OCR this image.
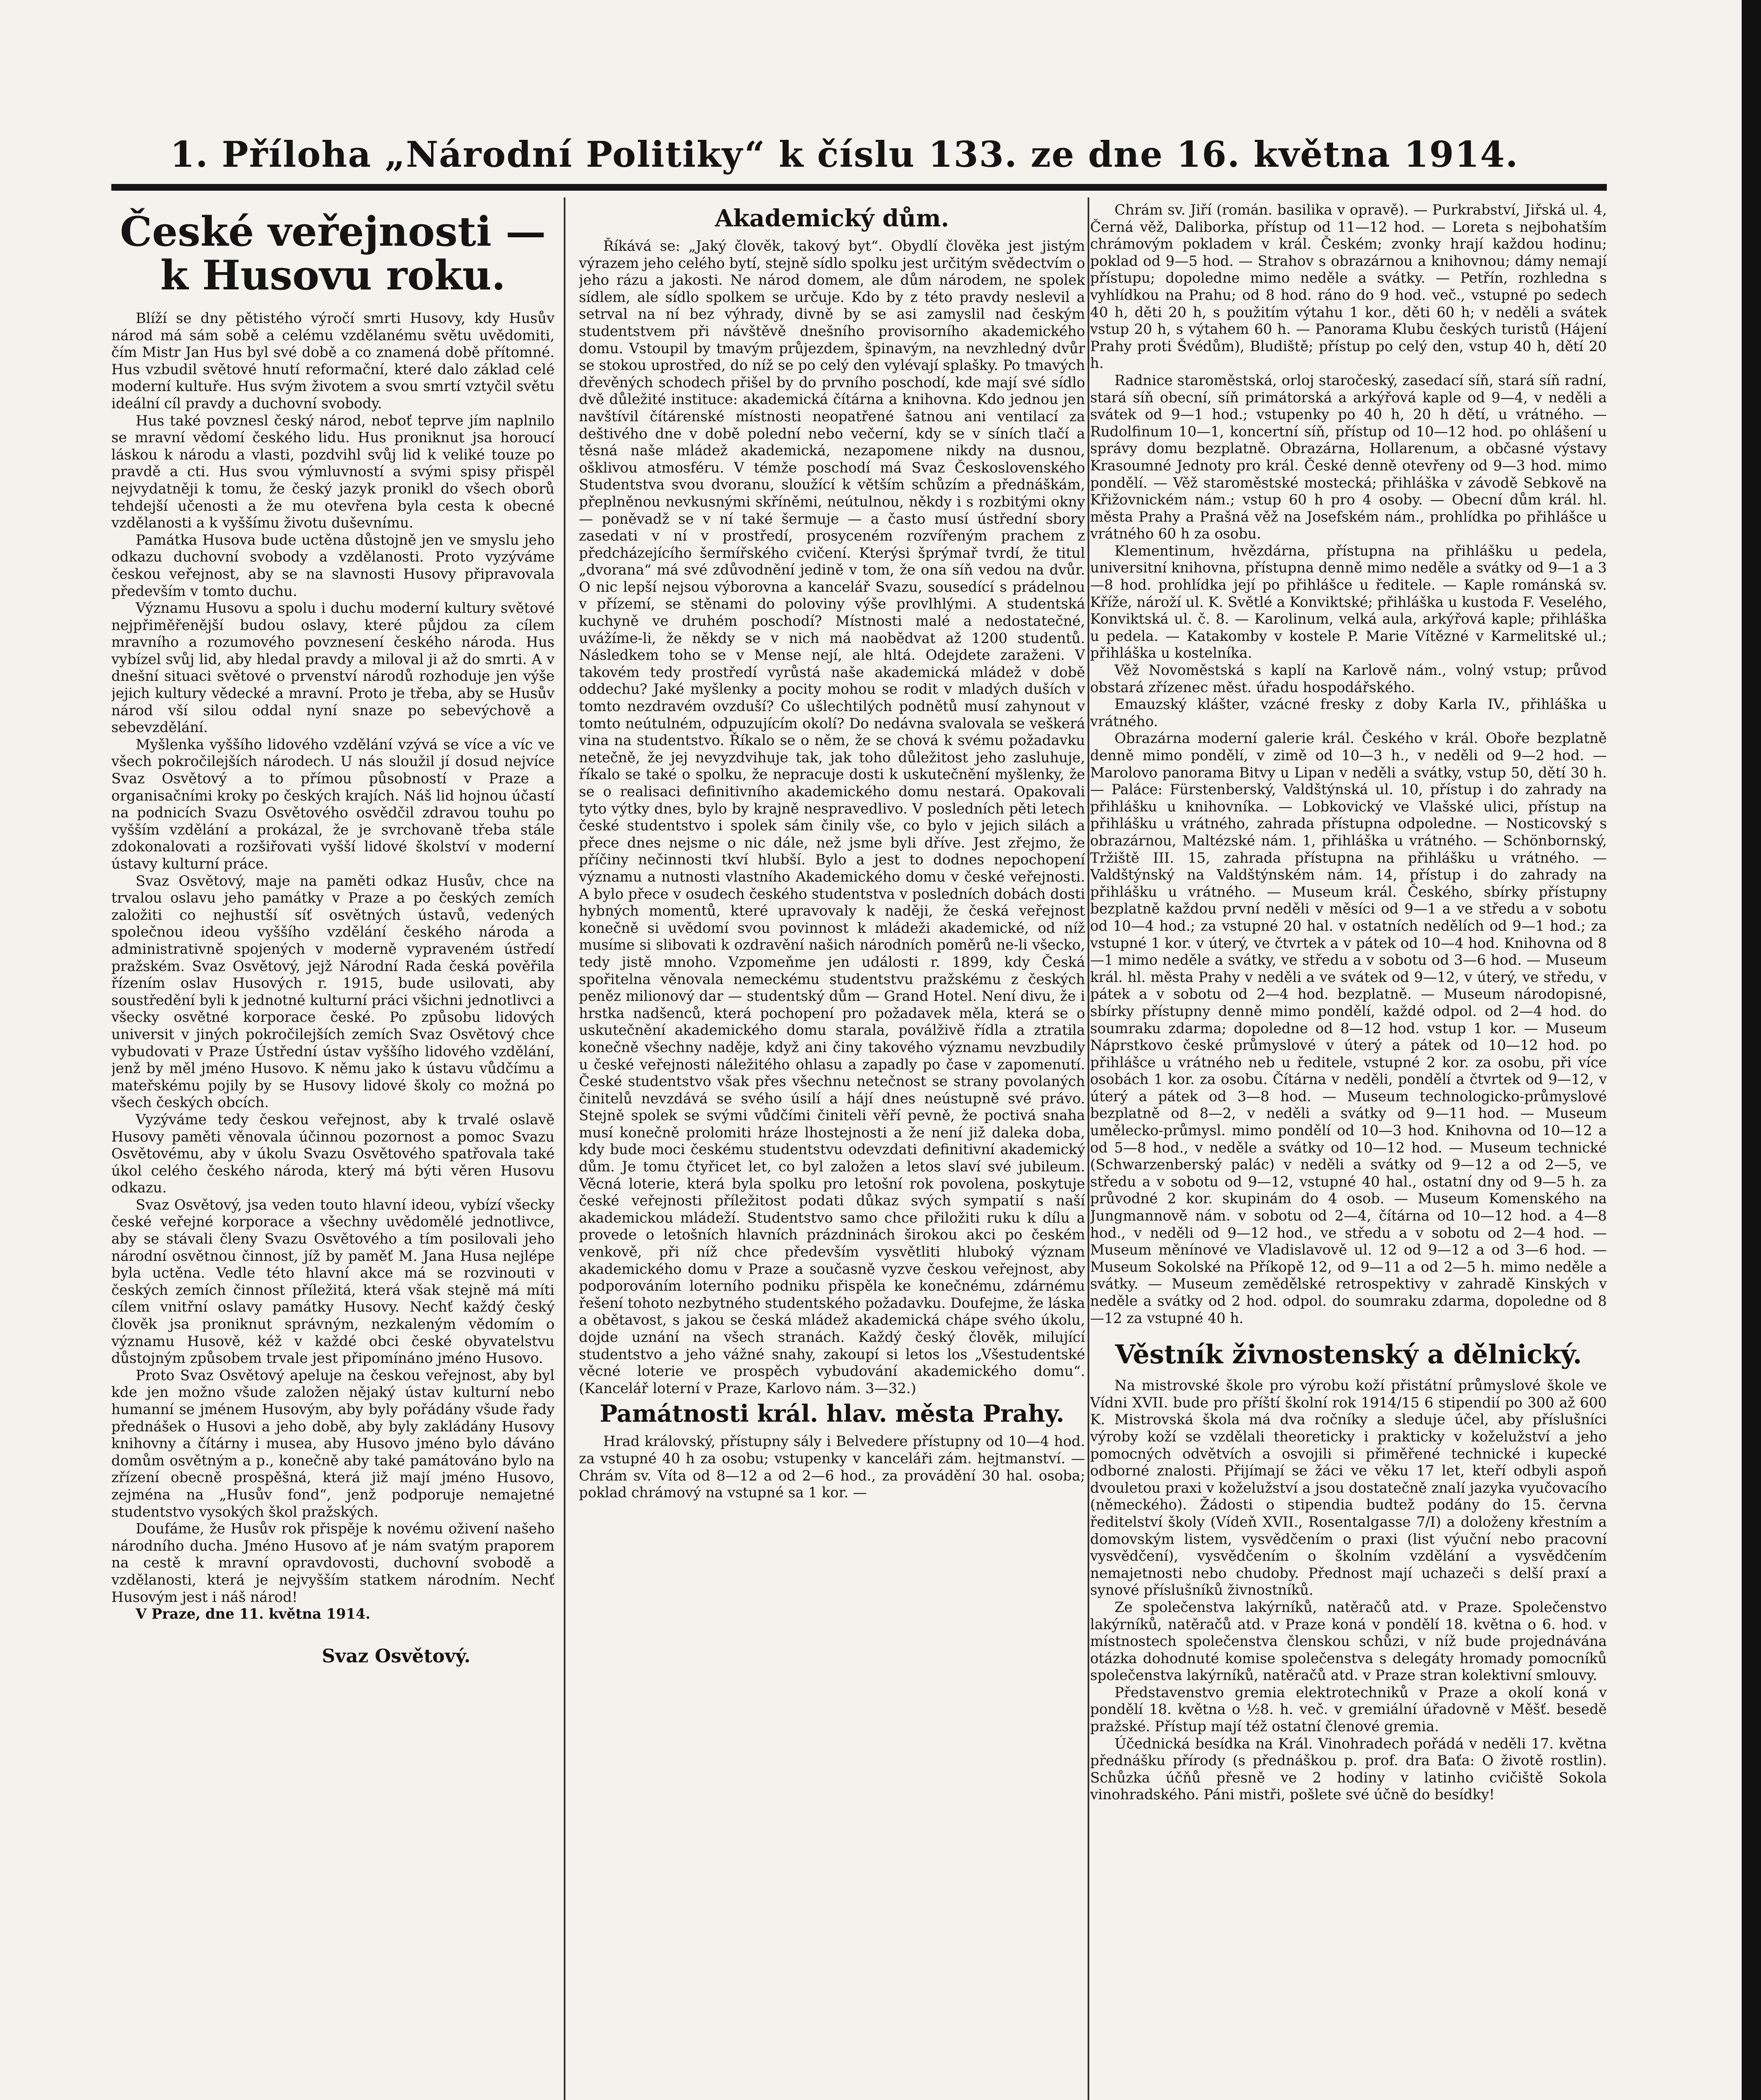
1. Příloha „Národní Politiky“ k číslu 133. ze dne 16. května 1914.
České veřejnosti — k Husovu roku.

Blíží se dny pětistého výročí smrti Husovy, kdy Husův národ má sám sobě a celému vzdělanému světu uvědomiti, čím Mistr Jan Hus byl své době a co znamená době přítomné. Hus vzbudil světové hnutí reformační, které dalo základ celé moderní kultuře. Hus svým životem a svou smrtí vztyčil světu ideální cíl pravdy a duchovní svobody.

Hus také povznesl český národ, neboť teprve jím naplnilo se mravní vědomí českého lidu. Hus proniknut jsa horoucí láskou k národu a vlasti, pozdvihl svůj lid k veliké touze po pravdě a cti. Hus svou výmluvností a svými spisy přispěl nejvydatněji k tomu, že český jazyk pronikl do všech oborů tehdejší učenosti a že mu otevřena byla cesta k obecné vzdělanosti a k vyššímu životu duševnímu.

Památka Husova bude uctěna důstojně jen ve smyslu jeho odkazu duchovní svobody a vzdělanosti. Proto vyzýváme českou veřejnost, aby se na slavnosti Husovy připravovala především v tomto duchu.

Významu Husovu a spolu i duchu moderní kultury světové nejpřiměřenější budou oslavy, které půjdou za cílem mravního a rozumového povznesení českého národa. Hus vybízel svůj lid, aby hledal pravdy a miloval ji až do smrti. A v dnešní situaci světové o prvenství národů rozhoduje jen výše jejich kultury vědecké a mravní. Proto je třeba, aby se Husův národ vší silou oddal nyní snaze po sebevýchově a sebevzdělání.

Myšlenka vyššího lidového vzdělání vzývá se více a víc ve všech pokročilejších národech. U nás sloužil jí dosud nejvíce Svaz Osvětový a to přímou působností v Praze a organisačními kroky po českých krajích. Náš lid hojnou účastí na podnicích Svazu Osvětového osvědčil zdravou touhu po vyšším vzdělání a prokázal, že je svrchovaně třeba stále zdokonalovati a rozšiřovati vyšší lidové školství v moderní ústavy kulturní práce.

Svaz Osvětový, maje na paměti odkaz Husův, chce na trvalou oslavu jeho památky v Praze a po českých zemích založiti co nejhustší síť osvětných ústavů, vedených společnou ideou vyššího vzdělání českého národa a administrativně spojených v moderně vypraveném ústředí pražském. Svaz Osvětový, jejž Národní Rada česká pověřila řízením oslav Husových r. 1915, bude usilovati, aby soustředění byli k jednotné kulturní práci všichni jednotlivci a všecky osvětné korporace české. Po způsobu lidových universit v jiných pokročilejších zemích Svaz Osvětový chce vybudovati v Praze Ústřední ústav vyššího lidového vzdělání, jenž by měl jméno Husovo. K němu jako k ústavu vůdčímu a mateřskému pojily by se Husovy lidové školy co možná po všech českých obcích.

Vyzýváme tedy českou veřejnost, aby k trvalé oslavě Husovy paměti věnovala účinnou pozornost a pomoc Svazu Osvětovému, aby v úkolu Svazu Osvětového spatřovala také úkol celého českého národa, který má býti věren Husovu odkazu.

Svaz Osvětový, jsa veden touto hlavní ideou, vybízí všecky české veřejné korporace a všechny uvědomělé jednotlivce, aby se stávali členy Svazu Osvětového a tím posilovali jeho národní osvětnou činnost, jíž by paměť M. Jana Husa nejlépe byla uctěna. Vedle této hlavní akce má se rozvinouti v českých zemích činnost příležitá, která však stejně má míti cílem vnitřní oslavy památky Husovy. Nechť každý český člověk jsa proniknut správným, nezkaleným vědomím o významu Husově, kéž v každé obci české obyvatelstvu důstojným způsobem trvale jest připomínáno jméno Husovo.

Proto Svaz Osvětový apeluje na českou veřejnost, aby byl kde jen možno všude založen nějaký ústav kulturní nebo humanní se jménem Husovým, aby byly pořádány všude řady přednášek o Husovi a jeho době, aby byly zakládány Husovy knihovny a čítárny i musea, aby Husovo jméno bylo dáváno domům osvětným a p., konečně aby také památováno bylo na zřízení obecně prospěšná, která již mají jméno Husovo, zejména na „Husův fond“, jenž podporuje nemajetné studentstvo vysokých škol pražských.

Doufáme, že Husův rok přispěje k novému oživení našeho národního ducha. Jméno Husovo ať je nám svatým praporem na cestě k mravní opravdovosti, duchovní svobodě a vzdělanosti, která je nejvyšším statkem národním. Nechť Husovým jest i náš národ!

V Praze, dne 11. května 1914.

Svaz Osvětový.
Akademický dům.

Říkává se: „Jaký člověk, takový byt“. Obydlí člověka jest jistým výrazem jeho celého bytí, stejně sídlo spolku jest určitým svědectvím o jeho rázu a jakosti. Ne národ domem, ale dům národem, ne spolek sídlem, ale sídlo spolkem se určuje. Kdo by z této pravdy neslevil a setrval na ní bez výhrady, divně by se asi zamyslil nad českým studentstvem při návštěvě dnešního provisorního akademického domu. Vstoupil by tmavým průjezdem, špinavým, na nevzhledný dvůr se stokou uprostřed, do níž se po celý den vylévají splašky. Po tmavých dřevěných schodech přišel by do prvního poschodí, kde mají své sídlo dvě důležité instituce: akademická čítárna a knihovna. Kdo jednou jen navštívil čítárenské místnosti neopatřené šatnou ani ventilací za deštivého dne v době polední nebo večerní, kdy se v síních tlačí a těsná naše mládež akademická, nezapomene nikdy na dusnou, ošklivou atmosféru. V témže poschodí má Svaz Československého Studentstva svou dvoranu, sloužící k větším schůzím a přednáškám, přeplněnou nevkusnými skříněmi, neútulnou, někdy i s rozbitými okny — poněvadž se v ní také šermuje — a často musí ústřední sbory zasedati v ní v prostředí, prosyceném rozvířeným prachem z předcházejícího šermířského cvičení. Kterýsi šprýmař tvrdí, že titul „dvorana“ má své zdůvodnění jedině v tom, že ona síň vedou na dvůr. O nic lepší nejsou výborovna a kancelář Svazu, sousedící s prádelnou v přízemí, se stěnami do poloviny výše provlhlými. A studentská kuchyně ve druhém poschodí? Místnosti malé a nedostatečné, uvážíme-li, že někdy se v nich má naobědvat až 1200 studentů. Následkem toho se v Mense nejí, ale hltá. Odejdete zaraženi. V takovém tedy prostředí vyrůstá naše akademická mládež v době oddechu? Jaké myšlenky a pocity mohou se rodit v mladých duších v tomto nezdravém ovzduší? Co ušlechtilých podnětů musí zahynout v tomto neútulném, odpuzujícím okolí? Do nedávna svalovala se veškerá vina na studentstvo. Říkalo se o něm, že se chová k svému požadavku netečně, že jej nevyzdvihuje tak, jak toho důležitost jeho zasluhuje, říkalo se také o spolku, že nepracuje dosti k uskutečnění myšlenky, že se o realisaci definitivního akademického domu nestará. Opakovali tyto výtky dnes, bylo by krajně nespravedlivo. V posledních pěti letech české studentstvo i spolek sám činily vše, co bylo v jejich silách a přece dnes nejsme o nic dále, než jsme byli dříve. Jest zřejmo, že příčiny nečinnosti tkví hlubší. Bylo a jest to dodnes nepochopení významu a nutnosti vlastního Akademického domu v české veřejnosti. A bylo přece v osudech českého studentstva v posledních dobách dosti hybných momentů, které upravovaly k naději, že česká veřejnost konečně si uvědomí svou povinnost k mládeži akademické, od níž musíme si slibovati k ozdravění našich národních poměrů ne-li všecko, tedy jistě mnoho. Vzpomeňme jen události r. 1899, kdy Česká spořitelna věnovala nemeckému studentstvu pražskému z českých peněz milionový dar — studentský dům — Grand Hotel. Není divu, že i hrstka nadšenců, která pochopení pro požadavek měla, která se o uskutečnění akademického domu starala, poválživě řídla a ztratila konečně všechny naděje, když ani činy takového významu nevzbudily u české veřejnosti náležitého ohlasu a zapadly po čase v zapomenutí. České studentstvo však přes všechnu netečnost se strany povolaných činitelů nevzdává se svého úsilí a hájí dnes neústupně své právo. Stejně spolek se svými vůdčími činiteli věří pevně, že poctivá snaha musí konečně prolomiti hráze lhostejnosti a že není již daleka doba, kdy bude moci českému studentstvu odevzdati definitivní akademický dům. Je tomu čtyřicet let, co byl založen a letos slaví své jubileum. Věcná loterie, která byla spolku pro letošní rok povolena, poskytuje české veřejnosti příležitost podati důkaz svých sympatií s naší akademickou mládeží. Studentstvo samo chce přiložiti ruku k dílu a provede o letošních hlavních prázdninách širokou akci po českém venkově, při níž chce především vysvětliti hluboký význam akademického domu v Praze a současně vyzve českou veřejnost, aby podporováním loterního podniku přispěla ke konečnému, zdárnému řešení tohoto nezbytného studentského požadavku. Doufejme, že láska a obětavost, s jakou se česká mládež akademická chápe svého úkolu, dojde uznání na všech stranách. Každý český člověk, milující studentstvo a jeho vážné snahy, zakoupí si letos los „Všestudentské věcné loterie ve prospěch vybudování akademického domu“. (Kancelář loterní v Praze, Karlovo nám. 3—32.)

Památnosti král. hlav. města Prahy.

Hrad královský, přístupny sály i Belvedere přístupny od 10—4 hod. za vstupné 40 h za osobu; vstupenky v kanceláři zám. hejtmanství. — Chrám sv. Víta od 8—12 a od 2—6 hod., za provádění 30 hal. osoba; poklad chrámový na vstupné sa 1 kor. —

Chrám sv. Jiří (román. basilika v opravě). — Purkrabství, Jiřská ul. 4, Černá věž, Daliborka, přístup od 11—12 hod. — Loreta s nejbohatším chrámovým pokladem v král. Českém; zvonky hrají každou hodinu; poklad od 9—5 hod. — Strahov s obrazárnou a knihovnou; dámy nemají přístupu; dopoledne mimo neděle a svátky. — Petřín, rozhledna s vyhlídkou na Prahu; od 8 hod. ráno do 9 hod. več., vstupné po sedech 40 h, děti 20 h, s použitím výtahu 1 kor., děti 60 h; v neděli a svátek vstup 20 h, s výtahem 60 h. — Panorama Klubu českých turistů (Hájení Prahy proti Švédům), Bludiště; přístup po celý den, vstup 40 h, dětí 20 h.

Radnice staroměstská, orloj staročeský, zasedací síň, stará síň radní, stará síň obecní, síň primátorská a arkýřová kaple od 9—4, v neděli a svátek od 9—1 hod.; vstupenky po 40 h, 20 h dětí, u vrátného. — Rudolfinum 10—1, koncertní síň, přístup od 10—12 hod. po ohlášení u správy domu bezplatně. Obrazárna, Hollarenum, a občasné výstavy Krasoumné Jednoty pro král. České denně otevřeny od 9—3 hod. mimo pondělí. — Věž staroměstské mostecká; přihláška v závodě Sebkově na Křižovnickém nám.; vstup 60 h pro 4 osoby. — Obecní dům král. hl. města Prahy a Prašná věž na Josefském nám., prohlídka po přihlášce u vrátného 60 h za osobu.

Klementinum, hvězdárna, přístupna na přihlášku u pedela, universitní knihovna, přístupna denně mimo neděle a svátky od 9—1 a 3—8 hod. prohlídka její po přihlášce u ředitele. — Kaple románská sv. Kříže, nároží ul. K. Světlé a Konviktské; přihláška u kustoda F. Veselého, Konviktská ul. č. 8. — Karolinum, velká aula, arkýřová kaple; přihláška u pedela. — Katakomby v kostele P. Marie Vítězné v Karmelitské ul.; přihláška u kostelníka.

Věž Novoměstská s kaplí na Karlově nám., volný vstup; průvod obstará zřízenec měst. úřadu hospodářského.

Emauzský klášter, vzácné fresky z doby Karla IV., přihláška u vrátného.

Obrazárna moderní galerie král. Českého v král. Oboře bezplatně denně mimo pondělí, v zimě od 10—3 h., v neděli od 9—2 hod. — Marolovo panorama Bitvy u Lipan v neděli a svátky, vstup 50, dětí 30 h. — Paláce: Fürstenberský, Valdštýnská ul. 10, přístup i do zahrady na přihlášku u knihovníka. — Lobkovický ve Vlašské ulici, přístup na přihlášku u vrátného, zahrada přístupna odpoledne. — Nosticovský s obrazárnou, Maltézské nám. 1, přihláška u vrátného. — Schönbornský, Tržiště III. 15, zahrada přístupna na přihlášku u vrátného. — Valdštýnský na Valdštýnském nám. 14, přístup i do zahrady na přihlášku u vrátného. — Museum král. Českého, sbírky přístupny bezplatně každou první neděli v měsíci od 9—1 a ve středu a v sobotu od 10—4 hod.; za vstupné 20 hal. v ostatních nedělích od 9—1 hod.; za vstupné 1 kor. v úterý, ve čtvrtek a v pátek od 10—4 hod. Knihovna od 8—1 mimo neděle a svátky, ve středu a v sobotu od 3—6 hod. — Museum král. hl. města Prahy v neděli a ve svátek od 9—12, v úterý, ve středu, v pátek a v sobotu od 2—4 hod. bezplatně. — Museum národopisné, sbírky přístupny denně mimo pondělí, každé odpol. od 2—4 hod. do soumraku zdarma; dopoledne od 8—12 hod. vstup 1 kor. — Museum Náprstkovo české průmyslové v úterý a pátek od 10—12 hod. po přihlášce u vrátného neb u ředitele, vstupné 2 kor. za osobu, při více osobách 1 kor. za osobu. Čítárna v neděli, pondělí a čtvrtek od 9—12, v úterý a pátek od 3—8 hod. — Museum technologicko-průmyslové bezplatně od 8—2, v neděli a svátky od 9—11 hod. — Museum umělecko-průmysl. mimo pondělí od 10—3 hod. Knihovna od 10—12 a od 5—8 hod., v neděle a svátky od 10—12 hod. — Museum technické (Schwarzenberský palác) v neděli a svátky od 9—12 a od 2—5, ve středu a v sobotu od 9—12, vstupné 40 hal., ostatní dny od 9—5 h. za průvodné 2 kor. skupinám do 4 osob. — Museum Komenského na Jungmannově nám. v sobotu od 2—4, čítárna od 10—12 hod. a 4—8 hod., v neděli od 9—12 hod., ve středu a v sobotu od 2—4 hod. — Museum měnínové ve Vladislavově ul. 12 od 9—12 a od 3—6 hod. — Museum Sokolské na Příkopě 12, od 9—11 a od 2—5 h. mimo neděle a svátky. — Museum zemědělské retrospektivy v zahradě Kinských v neděle a svátky od 2 hod. odpol. do soumraku zdarma, dopoledne od 8—12 za vstupné 40 h.

Věstník živnostenský a dělnický.

Na mistrovské škole pro výrobu koží přistátní průmyslové škole ve Vídni XVII. bude pro příští školní rok 1914/15 6 stipendií po 300 až 600 K. Mistrovská škola má dva ročníky a sleduje účel, aby příslušníci výroby koží se vzdělali theoreticky i prakticky v koželužství a jeho pomocných odvětvích a osvojili si přiměřené technické i kupecké odborné znalosti. Přijímají se žáci ve věku 17 let, kteří odbyli aspoň dvouletou praxi v koželužství a jsou dostatečně znalí jazyka vyučovacího (německého). Žádosti o stipendia budtež podány do 15. června ředitelství školy (Vídeň XVII., Rosentalgasse 7/I) a doloženy křestním a domovským listem, vysvědčením o praxi (list výuční nebo pracovní vysvědčení), vysvědčením o školním vzdělání a vysvědčením nemajetnosti nebo chudoby. Přednost mají uchazeči s delší praxí a synové příslušníků živnostníků.

Ze společenstva lakýrníků, natěračů atd. v Praze. Společenstvo lakýrníků, natěračů atd. v Praze koná v pondělí 18. května o 6. hod. v místnostech společenstva členskou schůzi, v níž bude projednávána otázka dohodnuté komise společenstva s delegáty hromady pomocníků společenstva lakýrníků, natěračů atd. v Praze stran kolektivní smlouvy.

Představenstvo gremia elektrotechniků v Praze a okolí koná v pondělí 18. května o ½8. h. več. v gremiální úřadovně v Měšť. besedě pražské. Přístup mají též ostatní členové gremia.

Účednická besídka na Král. Vinohradech pořádá v neděli 17. května přednášku přírody (s přednáškou p. prof. dra Baťa: O životě rostlin). Schůzka účňů přesně ve 2 hodiny v latinho cvičiště Sokola vinohradského. Páni mistři, pošlete své účně do besídky!
